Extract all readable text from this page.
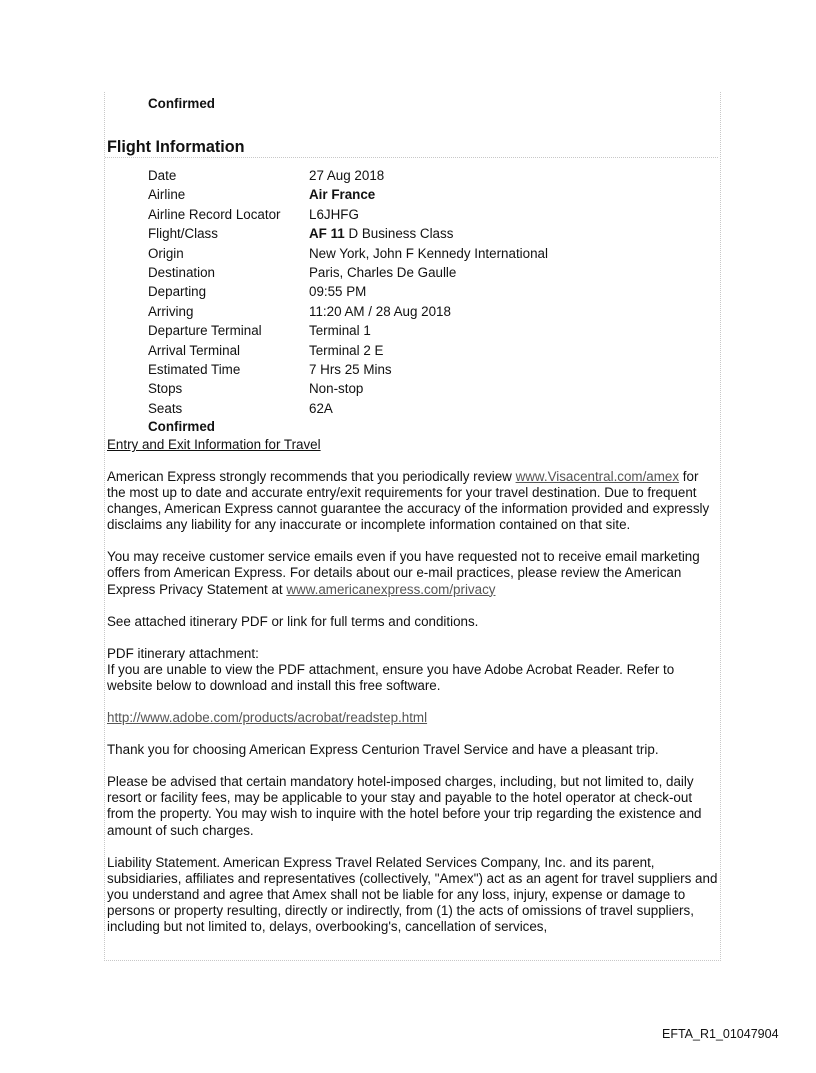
Confirmed
Flight Information
Date	27 Aug 2018
Airline	Air France
Airline Record Locator	L6JHFG
Flight/Class	AF 11 D Business Class
Origin	New York, John F Kennedy International
Destination	Paris, Charles De Gaulle
Departing	09:55 PM
Arriving	11:20 AM / 28 Aug 2018
Departure Terminal	Terminal 1
Arrival Terminal	Terminal 2 E
Estimated Time	7 Hrs 25 Mins
Stops	Non-stop
Seats	62A
Confirmed
Entry and Exit Information for Travel

American Express strongly recommends that you periodically review www.Visacentral.com/amex for the most up to date and accurate entry/exit requirements for your travel destination. Due to frequent changes, American Express cannot guarantee the accuracy of the information provided and expressly disclaims any liability for any inaccurate or incomplete information contained on that site.

You may receive customer service emails even if you have requested not to receive email marketing offers from American Express. For details about our e-mail practices, please review the American Express Privacy Statement at www.americanexpress.com/privacy

See attached itinerary PDF or link for full terms and conditions.

PDF itinerary attachment:
If you are unable to view the PDF attachment, ensure you have Adobe Acrobat Reader. Refer to website below to download and install this free software.

http://www.adobe.com/products/acrobat/readstep.html

Thank you for choosing American Express Centurion Travel Service and have a pleasant trip.

Please be advised that certain mandatory hotel-imposed charges, including, but not limited to, daily resort or facility fees, may be applicable to your stay and payable to the hotel operator at check-out from the property. You may wish to inquire with the hotel before your trip regarding the existence and amount of such charges.

Liability Statement. American Express Travel Related Services Company, Inc. and its parent, subsidiaries, affiliates and representatives (collectively, "Amex") act as an agent for travel suppliers and you understand and agree that Amex shall not be liable for any loss, injury, expense or damage to persons or property resulting, directly or indirectly, from (1) the acts of omissions of travel suppliers, including but not limited to, delays, overbooking's, cancellation of services,

EFTA_R1_01047904
